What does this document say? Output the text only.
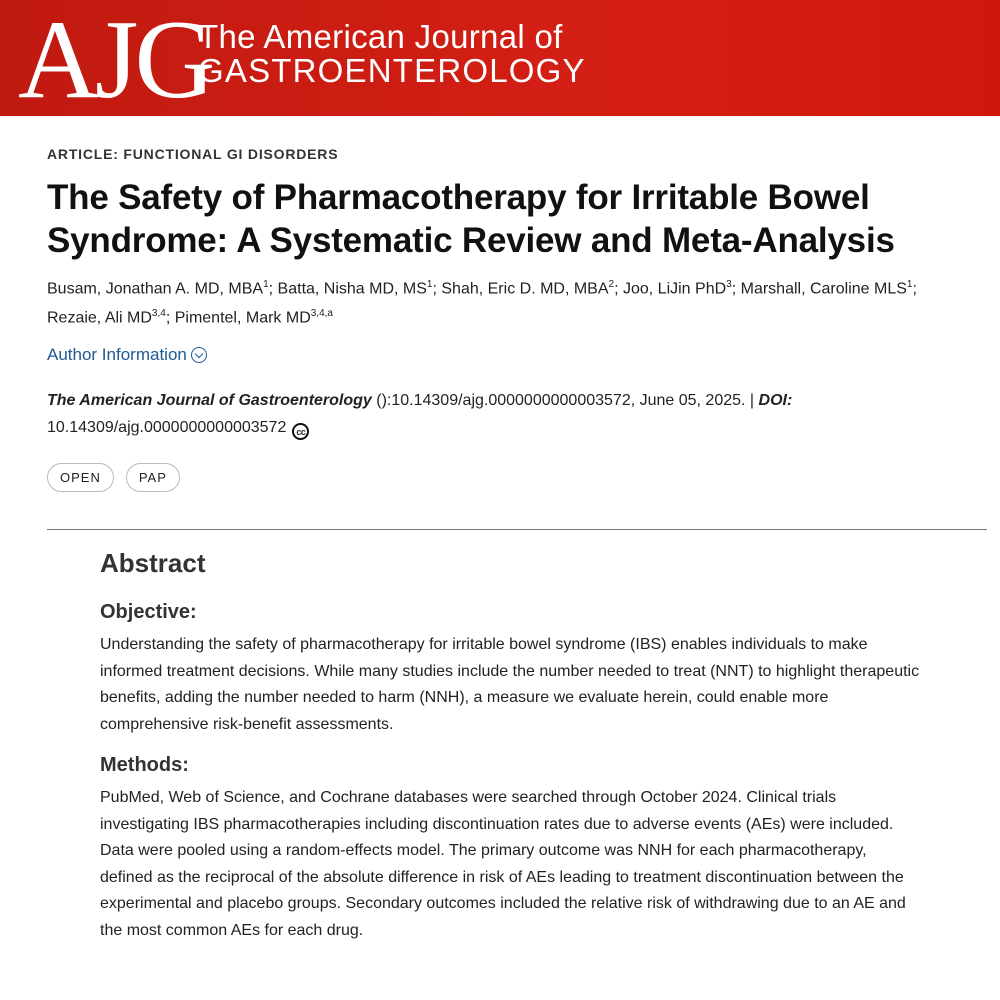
AJG
The American Journal of
GASTROENTEROLOGY
ARTICLE: FUNCTIONAL GI DISORDERS
The Safety of Pharmacotherapy for Irritable Bowel Syndrome: A Systematic Review and Meta-Analysis
Busam, Jonathan A. MD, MBA$^1$; Batta, Nisha MD, $MS^1$; Shah, Eric D. MD, MBA$^2$; Joo, LiJin PhD$^3$; Marshall, Caroline MLS$^1$; Rezaie, Ali MD$^{3,4}$; Pimentel, Mark MD$^{3,4,a}$
Author Information
The American Journal of Gastroenterology ():10.14309/ajg.0000000000003572, June 05, 2025. | DOI: 10.14309/ajg.0000000000003572 cc
OPEN	PAP
Abstract
Objective:

Understanding the safety of pharmacotherapy for irritable bowel syndrome (IBS) enables individuals to make informed treatment decisions. While many studies include the number needed to treat (NNT) to highlight therapeutic benefits, adding the number needed to harm (NNH), a measure we evaluate herein, could enable more comprehensive risk-benefit assessments.

Methods:

PubMed, Web of Science, and Cochrane databases were searched through October 2024. Clinical trials investigating IBS pharmacotherapies including discontinuation rates due to adverse events (AEs) were included. Data were pooled using a random-effects model. The primary outcome was NNH for each pharmacotherapy, defined as the reciprocal of the absolute difference in risk of AEs leading to treatment discontinuation between the experimental and placebo groups. Secondary outcomes included the relative risk of withdrawing due to an AE and the most common AEs for each drug.
